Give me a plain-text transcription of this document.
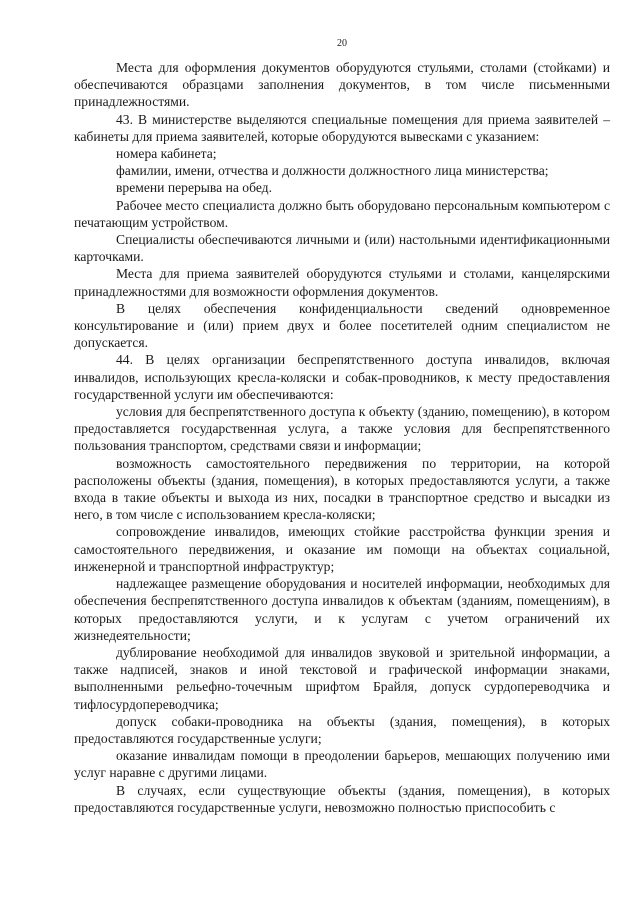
20

Места для оформления документов оборудуются стульями, столами (стойками) и обеспечиваются образцами заполнения документов, в том числе письменными принадлежностями.

43. В министерстве выделяются специальные помещения для приема заявителей – кабинеты для приема заявителей, которые оборудуются вывесками с указанием:

номера кабинета;

фамилии, имени, отчества и должности должностного лица министерства;

времени перерыва на обед.

Рабочее место специалиста должно быть оборудовано персональным компьютером с печатающим устройством.

Специалисты обеспечиваются личными и (или) настольными идентификационными карточками.

Места для приема заявителей оборудуются стульями и столами, канцелярскими принадлежностями для возможности оформления документов.

В целях обеспечения конфиденциальности сведений одновременное консультирование и (или) прием двух и более посетителей одним специалистом не допускается.

44. В целях организации беспрепятственного доступа инвалидов, включая инвалидов, использующих кресла-коляски и собак-проводников, к месту предоставления государственной услуги им обеспечиваются:

условия для беспрепятственного доступа к объекту (зданию, помещению), в котором предоставляется государственная услуга, а также условия для беспрепятственного пользования транспортом, средствами связи и информации;

возможность самостоятельного передвижения по территории, на которой расположены объекты (здания, помещения), в которых предоставляются услуги, а также входа в такие объекты и выхода из них, посадки в транспортное средство и высадки из него, в том числе с использованием кресла-коляски;

сопровождение инвалидов, имеющих стойкие расстройства функции зрения и самостоятельного передвижения, и оказание им помощи на объектах социальной, инженерной и транспортной инфраструктур;

надлежащее размещение оборудования и носителей информации, необходимых для обеспечения беспрепятственного доступа инвалидов к объектам (зданиям, помещениям), в которых предоставляются услуги, и к услугам с учетом ограничений их жизнедеятельности;

дублирование необходимой для инвалидов звуковой и зрительной информации, а также надписей, знаков и иной текстовой и графической информации знаками, выполненными рельефно-точечным шрифтом Брайля, допуск сурдопереводчика и тифлосурдопереводчика;

допуск собаки-проводника на объекты (здания, помещения), в которых предоставляются государственные услуги;

оказание инвалидам помощи в преодолении барьеров, мешающих получению ими услуг наравне с другими лицами.

В случаях, если существующие объекты (здания, помещения), в которых предоставляются государственные услуги, невозможно полностью приспособить с
